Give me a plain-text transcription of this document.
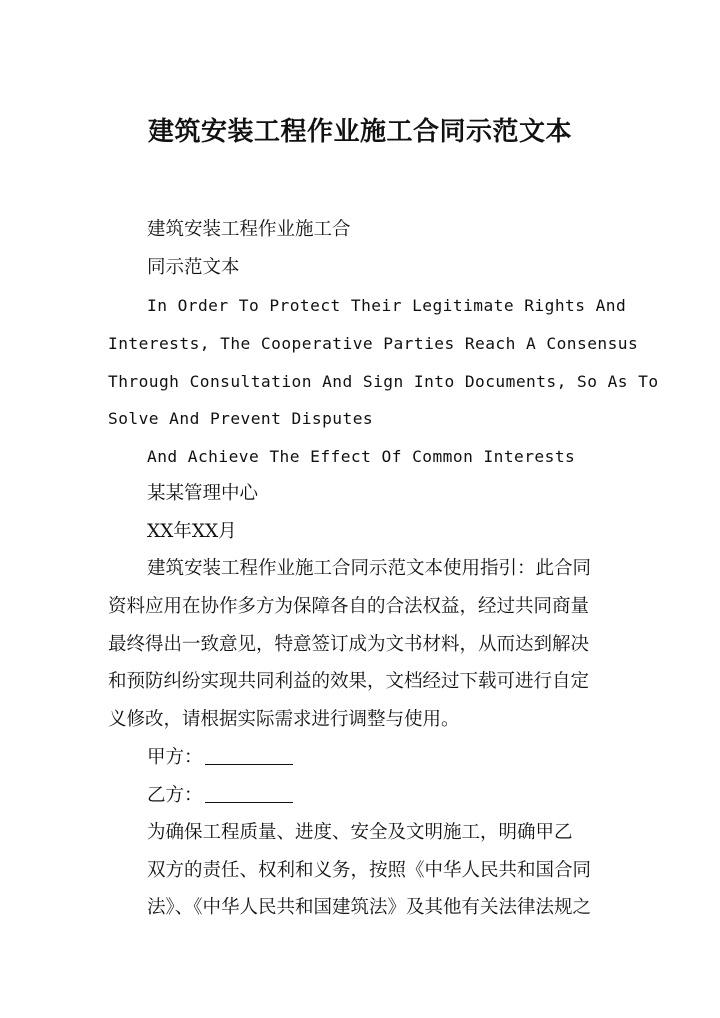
建筑安装工程作业施工合同示范文本
建筑安装工程作业施工合
同示范文本
In Order To Protect Their Legitimate Rights And
Interests, The Cooperative Parties Reach A Consensus
Through Consultation And Sign Into Documents, So As To
Solve And Prevent Disputes
And Achieve The Effect Of Common Interests
某某管理中心
XX年XX月
建筑安装工程作业施工合同示范文本使用指引：此合同
资料应用在协作多方为保障各自的合法权益，经过共同商量
最终得出一致意见，特意签订成为文书材料，从而达到解决
和预防纠纷实现共同利益的效果，文档经过下载可进行自定
义修改，请根据实际需求进行调整与使用。
甲方：
乙方：
为确保工程质量、进度、安全及文明施工，明确甲乙
双方的责任、权利和义务，按照《中华人民共和国合同
法》、《中华人民共和国建筑法》及其他有关法律法规之
